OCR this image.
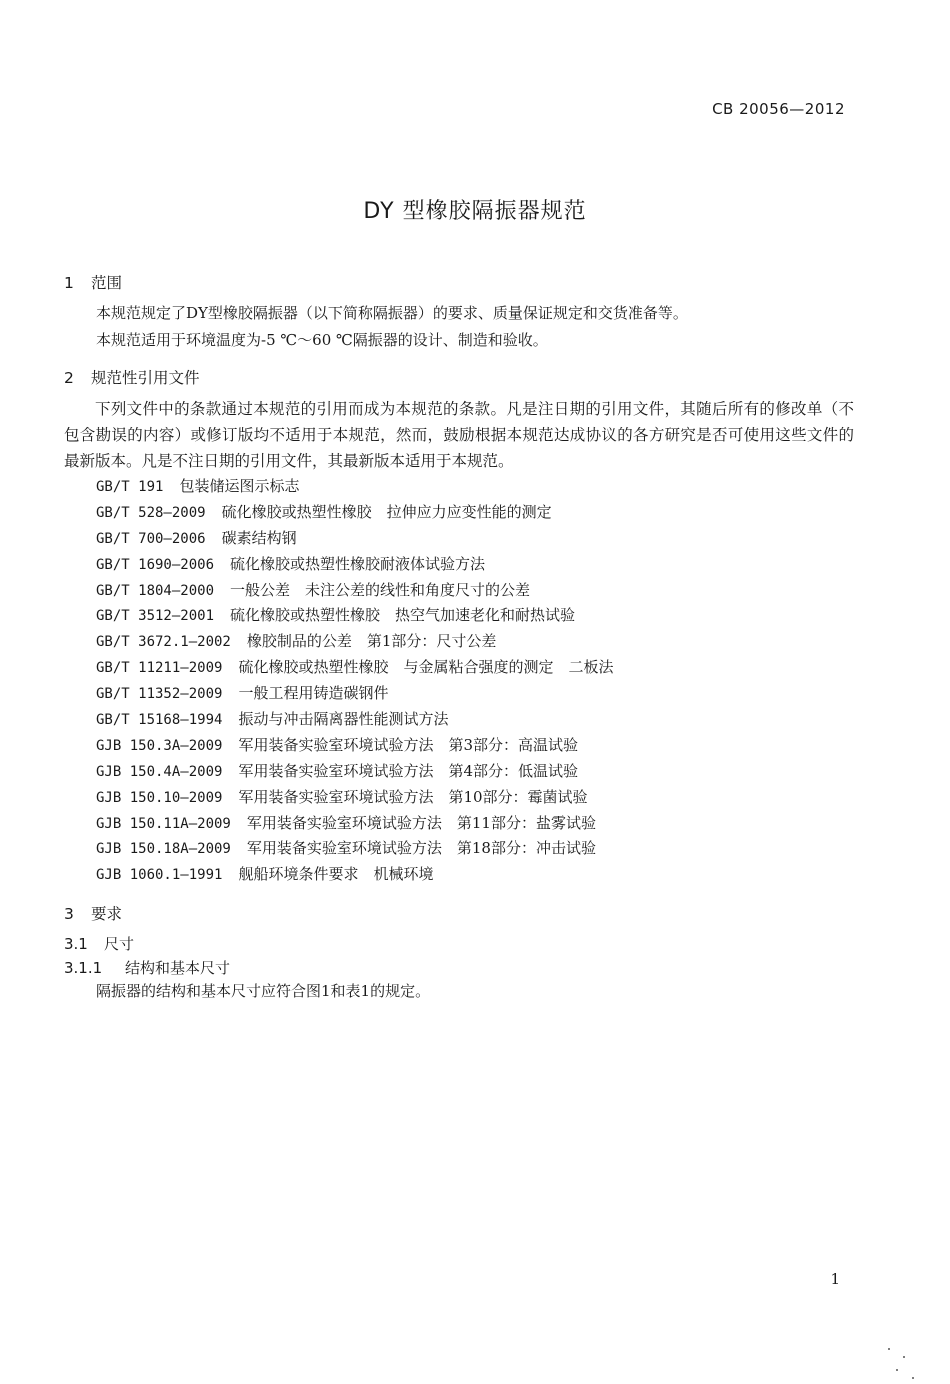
CB 20056—2012
DY 型橡胶隔振器规范
1 范围
本规范规定了DY型橡胶隔振器（以下简称隔振器）的要求、质量保证规定和交货准备等。
本规范适用于环境温度为-5 ℃～60 ℃隔振器的设计、制造和验收。
2 规范性引用文件
下列文件中的条款通过本规范的引用而成为本规范的条款。凡是注日期的引用文件，其随后所有的修改单（不包含勘误的内容）或修订版均不适用于本规范，然而，鼓励根据本规范达成协议的各方研究是否可使用这些文件的最新版本。凡是不注日期的引用文件，其最新版本适用于本规范。
GB/T 191 包装储运图示标志
GB/T 528—2009 硫化橡胶或热塑性橡胶　拉伸应力应变性能的测定
GB/T 700—2006 碳素结构钢
GB/T 1690—2006 硫化橡胶或热塑性橡胶耐液体试验方法
GB/T 1804—2000 一般公差　未注公差的线性和角度尺寸的公差
GB/T 3512—2001 硫化橡胶或热塑性橡胶　热空气加速老化和耐热试验
GB/T 3672.1—2002 橡胶制品的公差　第1部分：尺寸公差
GB/T 11211—2009 硫化橡胶或热塑性橡胶　与金属粘合强度的测定　二板法
GB/T 11352—2009 一般工程用铸造碳钢件
GB/T 15168—1994 振动与冲击隔离器性能测试方法
GJB 150.3A—2009 军用装备实验室环境试验方法　第3部分：高温试验
GJB 150.4A—2009 军用装备实验室环境试验方法　第4部分：低温试验
GJB 150.10—2009 军用装备实验室环境试验方法　第10部分：霉菌试验
GJB 150.11A—2009 军用装备实验室环境试验方法　第11部分：盐雾试验
GJB 150.18A—2009 军用装备实验室环境试验方法　第18部分：冲击试验
GJB 1060.1—1991 舰船环境条件要求　机械环境
3 要求
3.1 尺寸
3.1.1 结构和基本尺寸
隔振器的结构和基本尺寸应符合图1和表1的规定。
1
